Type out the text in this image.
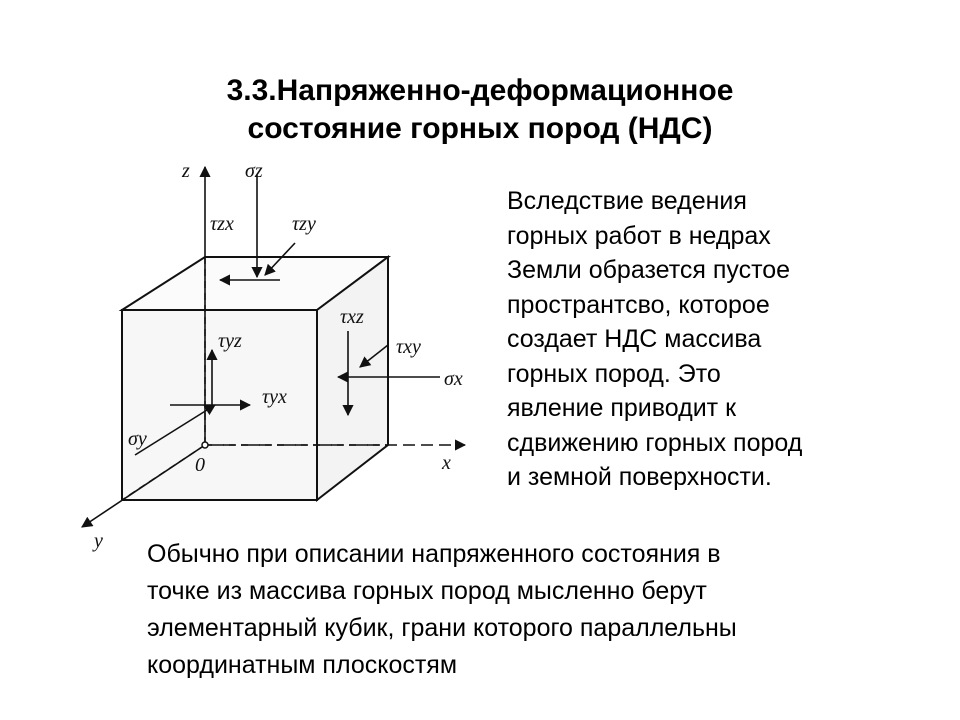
3.3.Напряженно-деформационное
состояние горных пород (НДС)
z
x
y
0
σz
τzx	τzy
τxz
τxy
σx
τyz
τyx
σy
Вследствие ведения
горных работ в недрах
Земли образется пустое
пространтсво, которое
создает НДС массива
горных пород. Это
явление приводит к
сдвижению горных пород
и земной поверхности.
Обычно при описании напряженного состояния в
точке из массива горных пород мысленно берут
элементарный кубик, грани которого параллельны
координатным плоскостям
